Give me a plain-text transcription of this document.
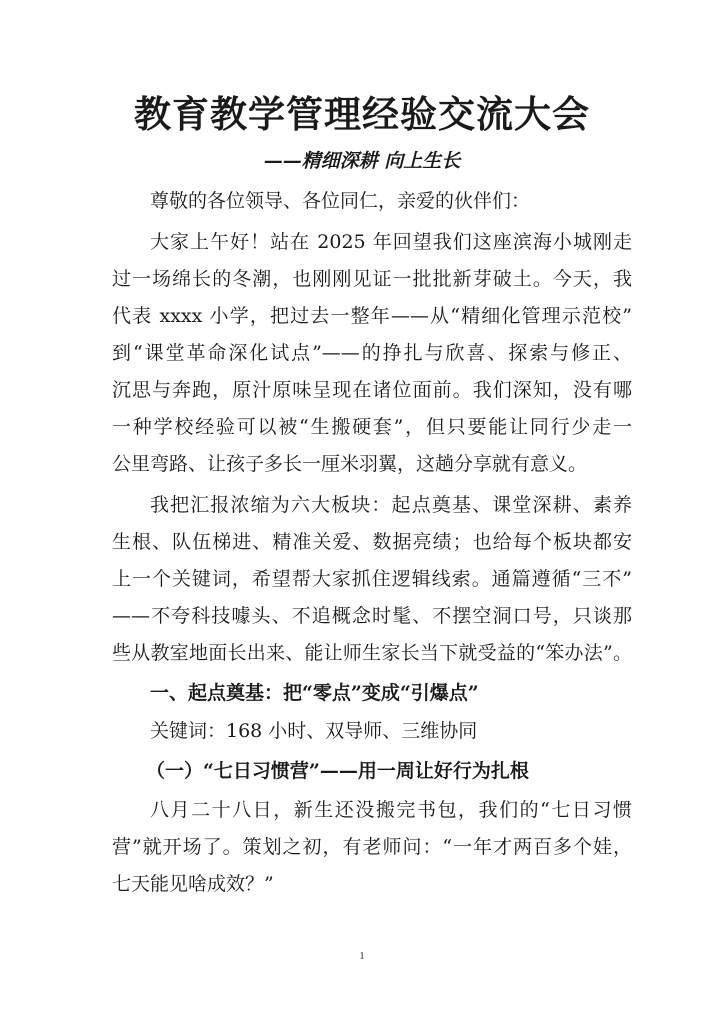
教育教学管理经验交流大会
——精细深耕 向上生长
尊敬的各位领导、各位同仁，亲爱的伙伴们：
大家上午好！站在 2025 年回望我们这座滨海小城刚走
过一场绵长的冬潮，也刚刚见证一批批新芽破土。今天，我
代表 xxxx 小学，把过去一整年——从“精细化管理示范校”
到“课堂革命深化试点”——的挣扎与欣喜、探索与修正、
沉思与奔跑，原汁原味呈现在诸位面前。我们深知，没有哪
一种学校经验可以被“生搬硬套”，但只要能让同行少走一
公里弯路、让孩子多长一厘米羽翼，这趟分享就有意义。
我把汇报浓缩为六大板块：起点奠基、课堂深耕、素养
生根、队伍梯进、精准关爱、数据亮绩；也给每个板块都安
上一个关键词，希望帮大家抓住逻辑线索。通篇遵循“三不”
——不夸科技噱头、不追概念时髦、不摆空洞口号，只谈那
些从教室地面长出来、能让师生家长当下就受益的“笨办法”。
一、起点奠基：把“零点”变成“引爆点”
关键词：168 小时、双导师、三维协同
（一）“七日习惯营”——用一周让好行为扎根
八月二十八日，新生还没搬完书包，我们的“七日习惯
营”就开场了。策划之初，有老师问：“一年才两百多个娃，
七天能见啥成效？”
1
